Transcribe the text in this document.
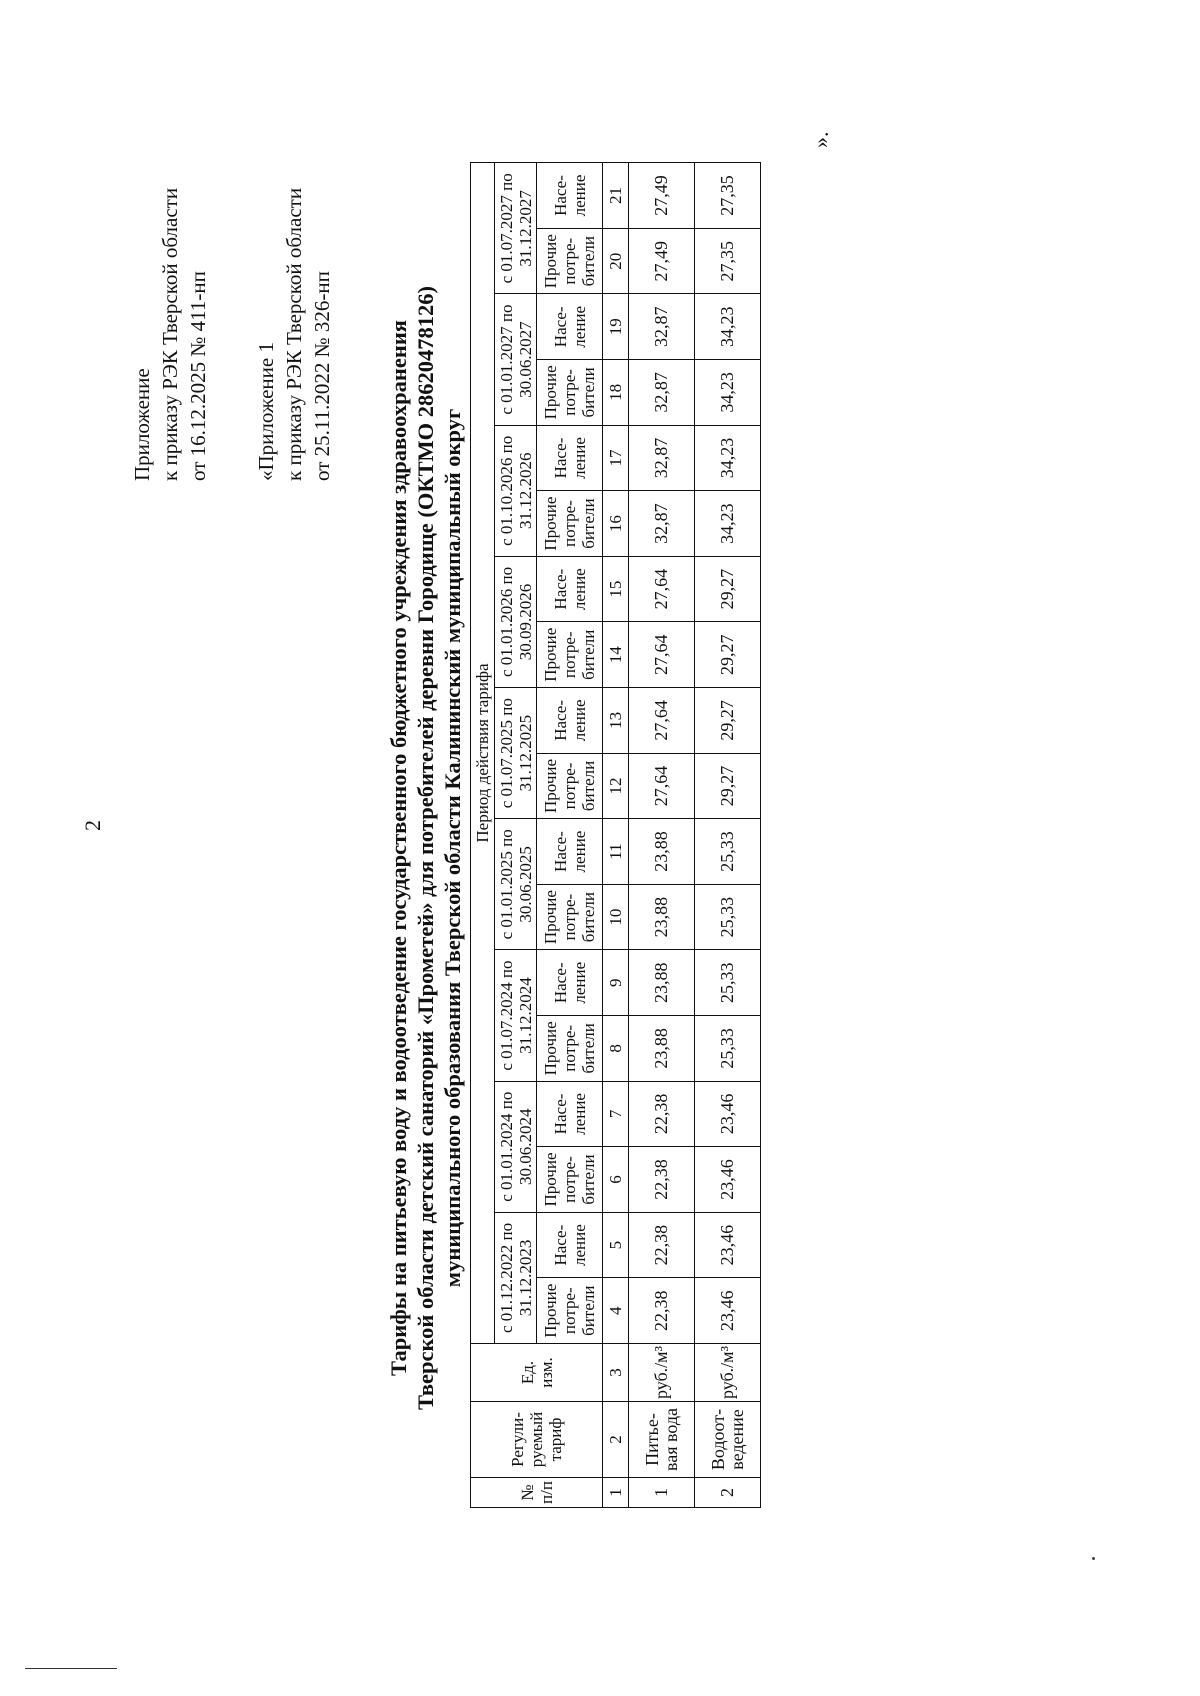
2
Приложение к приказу РЭК Тверской области от 16.12.2025 № 411-нп «Приложение 1 к приказу РЭК Тверской области от 25.11.2022 № 326-нп Тарифы на питьевую воду и водоотведение государственного бюджетного учреждения здравоохранения Тверской области детский санаторий «Прометей» для потребителей деревни Городище (ОКТМО 28620478126) муниципального образования Тверской области Калининский муниципальный округ
№ п/п	Регули-руемый тариф	Ед. изм.	Период действия тарифа																	
			с 01.12.2022 по 31.12.2023		с 01.01.2024 по 30.06.2024		с 01.07.2024 по 31.12.2024		с 01.01.2025 по 30.06.2025		с 01.07.2025 по 31.12.2025		с 01.01.2026 по 30.09.2026		с 01.10.2026 по 31.12.2026		с 01.01.2027 по 30.06.2027		с 01.07.2027 по 31.12.2027	
			Прочие потре-бители	Насе-ление	Прочие потре-бители	Насе-ление	Прочие потре-бители	Насе-ление	Прочие потре-бители	Насе-ление	Прочие потре-бители	Насе-ление	Прочие потре-бители	Насе-ление	Прочие потре-бители	Насе-ление	Прочие потре-бители	Насе-ление	Прочие потре-бители	Насе-ление
1	2	3	4	5	6	7	8	9	10	11	12	13	14	15	16	17	18	19	20	21
1	Питье-вая вода	руб./м³	22,38	22,38	22,38	22,38	23,88	23,88	23,88	23,88	27,64	27,64	27,64	27,64	32,87	32,87	32,87	32,87	27,49	27,49
2	Водоот-ведение	руб./м³	23,46	23,46	23,46	23,46	25,33	25,33	25,33	25,33	29,27	29,27	29,27	29,27	34,23	34,23	34,23	34,23	27,35	27,35
».
